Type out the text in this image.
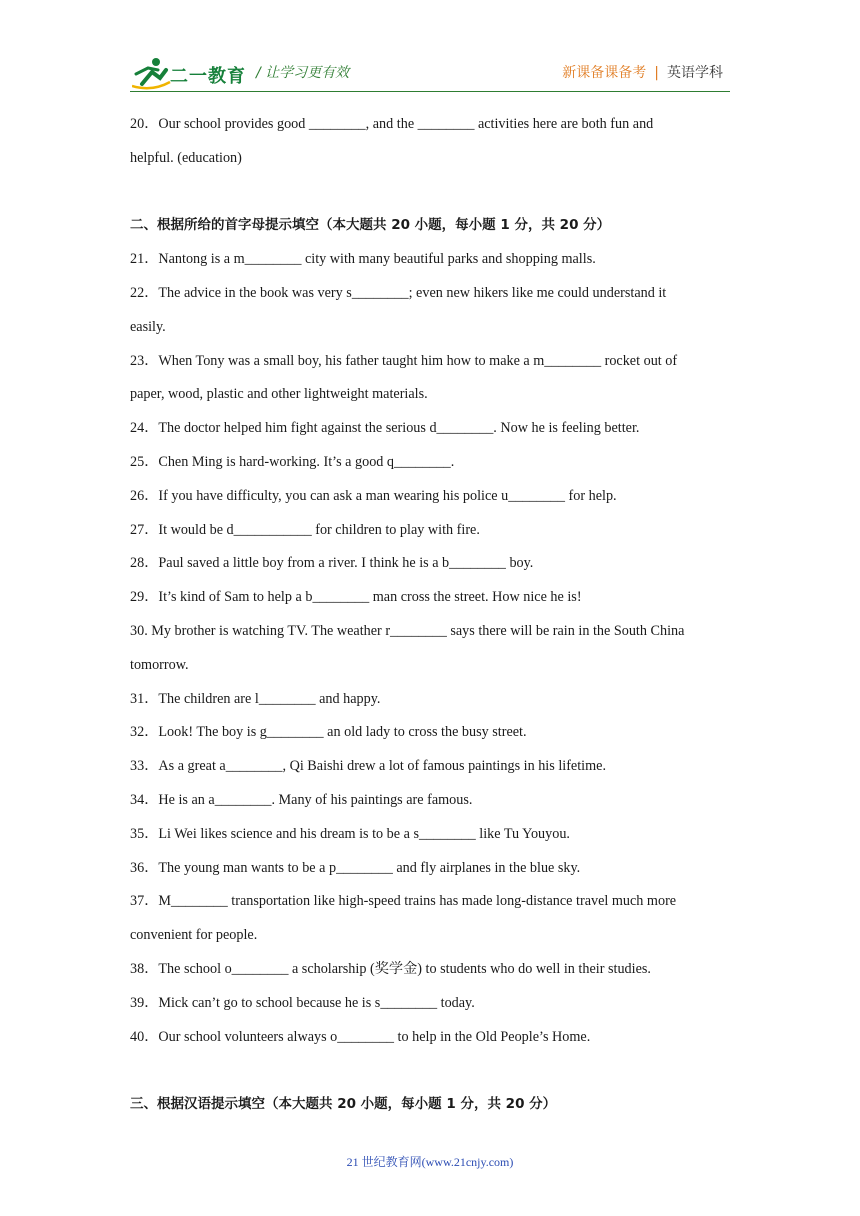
二一教育 / 让学习更有效	新课备课备考 | 英语学科
20．Our school provides good ________, and the ________ activities here are both fun and
helpful. (education)
二、根据所给的首字母提示填空（本大题共 20 小题，每小题 1 分，共 20 分）
21．Nantong is a m________ city with many beautiful parks and shopping malls.
22．The advice in the book was very s________; even new hikers like me could understand it
easily.
23．When Tony was a small boy, his father taught him how to make a m________ rocket out of
paper, wood, plastic and other lightweight materials.
24．The doctor helped him fight against the serious d________. Now he is feeling better.
25．Chen Ming is hard-working. It’s a good q________.
26．If you have difficulty, you can ask a man wearing his police u________ for help.
27．It would be d___________ for children to play with fire.
28．Paul saved a little boy from a river. I think he is a b________ boy.
29．It’s kind of Sam to help a b________ man cross the street. How nice he is!
30. My brother is watching TV. The weather r________ says there will be rain in the South China
tomorrow.
31．The children are l________ and happy.
32．Look! The boy is g________ an old lady to cross the busy street.
33．As a great a________, Qi Baishi drew a lot of famous paintings in his lifetime.
34．He is an a________. Many of his paintings are famous.
35．Li Wei likes science and his dream is to be a s________ like Tu Youyou.
36．The young man wants to be a p________ and fly airplanes in the blue sky.
37．M________ transportation like high-speed trains has made long-distance travel much more
convenient for people.
38．The school o________ a scholarship (奖学金) to students who do well in their studies.
39．Mick can’t go to school because he is s________ today.
40．Our school volunteers always o________ to help in the Old People’s Home.
三、根据汉语提示填空（本大题共 20 小题，每小题 1 分，共 20 分）
21 世纪教育网(www.21cnjy.com)
